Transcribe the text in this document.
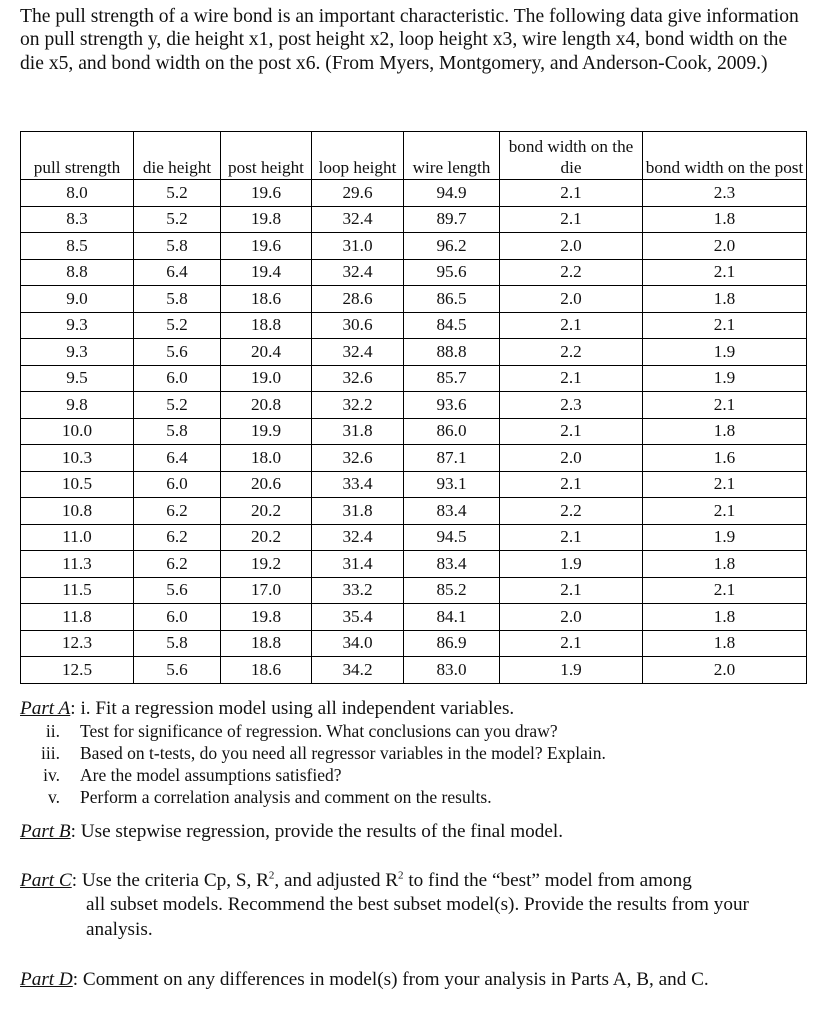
The pull strength of a wire bond is an important characteristic. The following data give information on pull strength y, die height x1, post height x2, loop height x3, wire length x4, bond width on the die x5, and bond width on the post x6. (From Myers, Montgomery, and Anderson-Cook, 2009.)

pull strength	die height	post height	loop height	wire length	bond width on the die	bond width on the post
8.0	5.2	19.6	29.6	94.9	2.1	2.3
8.3	5.2	19.8	32.4	89.7	2.1	1.8
8.5	5.8	19.6	31.0	96.2	2.0	2.0
8.8	6.4	19.4	32.4	95.6	2.2	2.1
9.0	5.8	18.6	28.6	86.5	2.0	1.8
9.3	5.2	18.8	30.6	84.5	2.1	2.1
9.3	5.6	20.4	32.4	88.8	2.2	1.9
9.5	6.0	19.0	32.6	85.7	2.1	1.9
9.8	5.2	20.8	32.2	93.6	2.3	2.1
10.0	5.8	19.9	31.8	86.0	2.1	1.8
10.3	6.4	18.0	32.6	87.1	2.0	1.6
10.5	6.0	20.6	33.4	93.1	2.1	2.1
10.8	6.2	20.2	31.8	83.4	2.2	2.1
11.0	6.2	20.2	32.4	94.5	2.1	1.9
11.3	6.2	19.2	31.4	83.4	1.9	1.8
11.5	5.6	17.0	33.2	85.2	2.1	2.1
11.8	6.0	19.8	35.4	84.1	2.0	1.8
12.3	5.8	18.8	34.0	86.9	2.1	1.8
12.5	5.6	18.6	34.2	83.0	1.9	2.0

Part A: i. Fit a regression model using all independent variables.

ii. Test for significance of regression. What conclusions can you draw?

iii. Based on t-tests, do you need all regressor variables in the model? Explain.

iv. Are the model assumptions satisfied?

v. Perform a correlation analysis and comment on the results.

Part B: Use stepwise regression, provide the results of the final model.

Part C: Use the criteria Cp, S, $R^2$, and adjusted $R^2$ to find the “best” model from among
all subset models. Recommend the best subset model(s). Provide the results from your analysis.

Part D: Comment on any differences in model(s) from your analysis in Parts A, B, and C.
